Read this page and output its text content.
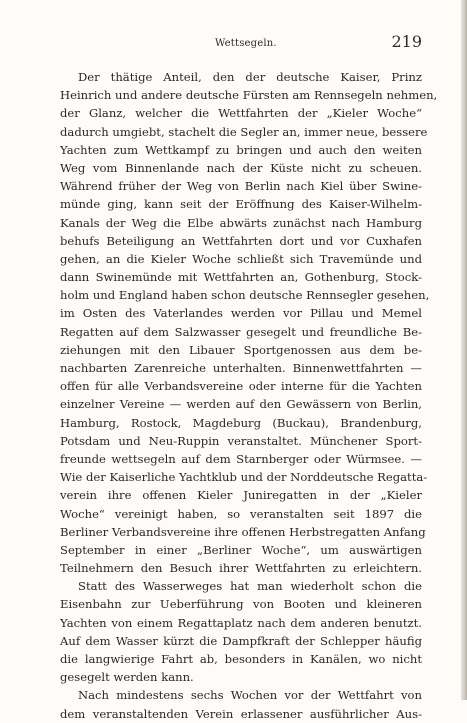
Wettsegeln.	219
Der thätige Anteil, den der deutsche Kaiser, Prinz
Heinrich und andere deutsche Fürsten am Rennsegeln nehmen,
der Glanz, welcher die Wettfahrten der „Kieler Woche“
dadurch umgiebt, stachelt die Segler an, immer neue, bessere
Yachten zum Wettkampf zu bringen und auch den weiten
Weg vom Binnenlande nach der Küste nicht zu scheuen.
Während früher der Weg von Berlin nach Kiel über Swine-
münde ging, kann seit der Eröffnung des Kaiser-Wilhelm-
Kanals der Weg die Elbe abwärts zunächst nach Hamburg
behufs Beteiligung an Wettfahrten dort und vor Cuxhafen
gehen, an die Kieler Woche schließt sich Travemünde und
dann Swinemünde mit Wettfahrten an, Gothenburg, Stock-
holm und England haben schon deutsche Rennsegler gesehen,
im Osten des Vaterlandes werden vor Pillau und Memel
Regatten auf dem Salzwasser gesegelt und freundliche Be-
ziehungen mit den Libauer Sportgenossen aus dem be-
nachbarten Zarenreiche unterhalten. Binnenwettfahrten —
offen für alle Verbandsvereine oder interne für die Yachten
einzelner Vereine — werden auf den Gewässern von Berlin,
Hamburg, Rostock, Magdeburg (Buckau), Brandenburg,
Potsdam und Neu-Ruppin veranstaltet. Münchener Sport-
freunde wettsegeln auf dem Starnberger oder Würmsee. —
Wie der Kaiserliche Yachtklub und der Norddeutsche Regatta-
verein ihre offenen Kieler Juniregatten in der „Kieler
Woche“ vereinigt haben, so veranstalten seit 1897 die
Berliner Verbandsvereine ihre offenen Herbstregatten Anfang
September in einer „Berliner Woche“, um auswärtigen
Teilnehmern den Besuch ihrer Wettfahrten zu erleichtern.
Statt des Wasserweges hat man wiederholt schon die
Eisenbahn zur Ueberführung von Booten und kleineren
Yachten von einem Regattaplatz nach dem anderen benutzt.
Auf dem Wasser kürzt die Dampfkraft der Schlepper häufig
die langwierige Fahrt ab, besonders in Kanälen, wo nicht
gesegelt werden kann.
Nach mindestens sechs Wochen vor der Wettfahrt von
dem veranstaltenden Verein erlassener ausführlicher Aus-
